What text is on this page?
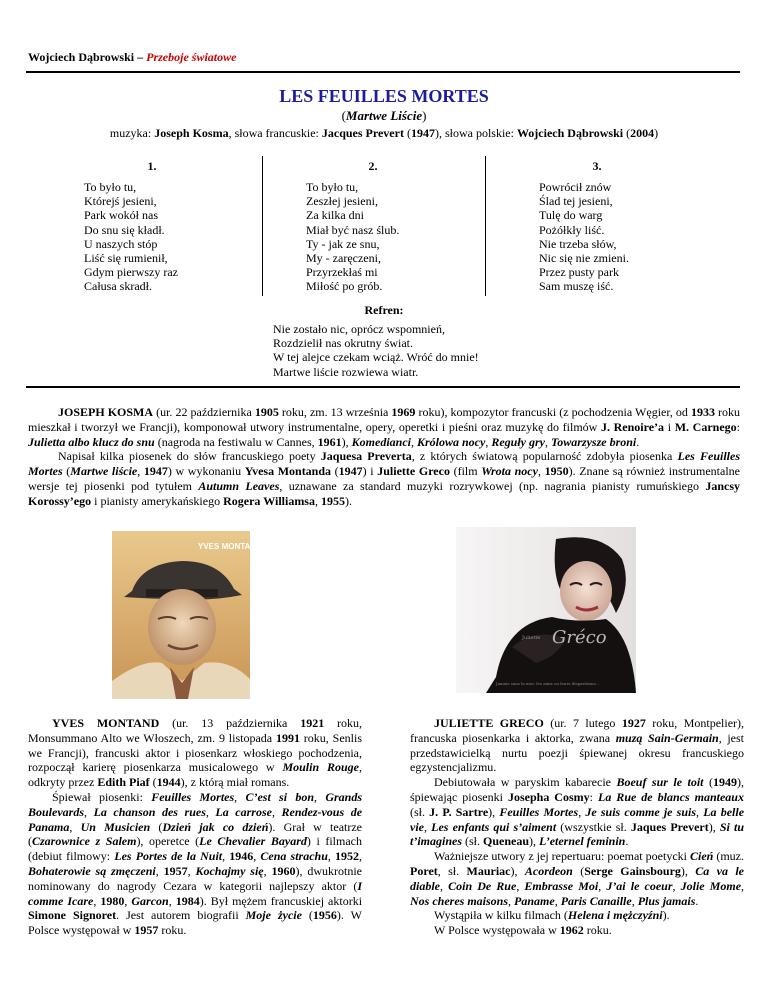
Wojciech Dąbrowski – Przeboje światowe
LES FEUILLES MORTES
(Martwe Liście)
muzyka: Joseph Kosma, słowa francuskie: Jacques Prevert (1947), słowa polskie: Wojciech Dąbrowski (2004)
1.	2.	3.
To było tu,
Którejś jesieni,
Park wokół nas
Do snu się kładł.
U naszych stóp
Liść się rumienił,
Gdym pierwszy raz
Całusa skradł.
To było tu,
Zeszłej jesieni,
Za kilka dni
Miał być nasz ślub.
Ty - jak ze snu,
My - zaręczeni,
Przyrzekłaś mi
Miłość po grób.
Powrócił znów
Ślad tej jesieni,
Tulę do warg
Pożółkły liść.
Nie trzeba słów,
Nic się nie zmieni.
Przez pusty park
Sam muszę iść.
Refren:
Nie zostało nic, oprócz wspomnień,
Rozdzielił nas okrutny świat.
W tej alejce czekam wciąż. Wróć do mnie!
Martwe liście rozwiewa wiatr.

JOSEPH KOSMA (ur. 22 października 1905 roku, zm. 13 września 1969 roku), kompozytor francuski (z pochodzenia Węgier, od 1933 roku mieszkał i tworzył we Francji), komponował utwory instrumentalne, opery, operetki i pieśni oraz muzykę do filmów J. Renoire’a i M. Carnego: Julietta albo klucz do snu (nagroda na festiwalu w Cannes, 1961), Komedianci, Królowa nocy, Reguły gry, Towarzysze broni.

Napisał kilka piosenek do słów francuskiego poety Jaquesa Preverta, z których światową popularność zdobyła piosenka Les Feuilles Mortes (Martwe liście, 1947) w wykonaniu Yvesa Montanda (1947) i Juliette Greco (film Wrota nocy, 1950). Znane są również instrumentalne wersje tej piosenki pod tytułem Autumn Leaves, uznawane za standard muzyki rozrywkowej (np. nagrania pianisty rumuńskiego Jancsy Korossy’ego i pianisty amerykańskiego Rogera Williamsa, 1955).

YVES MONTAND
Gréco
Juliette
Jamais sans la mer, les amis ou leurs disparitions...

YVES MONTAND (ur. 13 października 1921 roku, Monsummano Alto we Włoszech, zm. 9 listopada 1991 roku, Senlis we Francji), francuski aktor i piosenkarz włoskiego pochodzenia, rozpoczął karierę piosenkarza musicalowego w Moulin Rouge, odkryty przez Edith Piaf (1944), z którą miał romans.

Śpiewał piosenki: Feuilles Mortes, C’est si bon, Grands Boulevards, La chanson des rues, La carrose, Rendez-vous de Panama, Un Musicien (Dzień jak co dzień). Grał w teatrze (Czarownice z Salem), operetce (Le Chevalier Bayard) i filmach (debiut filmowy: Les Portes de la Nuit, 1946, Cena strachu, 1952, Bohaterowie są zmęczeni, 1957, Kochajmy się, 1960), dwukrotnie nominowany do nagrody Cezara w kategorii najlepszy aktor (I comme Icare, 1980, Garcon, 1984). Był mężem francuskiej aktorki Simone Signoret. Jest autorem biografii Moje życie (1956). W Polsce występował w 1957 roku.

JULIETTE GRECO (ur. 7 lutego 1927 roku, Montpelier), francuska piosenkarka i aktorka, zwana muzą Sain-Germain, jest przedstawicielką nurtu poezji śpiewanej okresu francuskiego egzystencjalizmu.

Debiutowała w paryskim kabarecie Boeuf sur le toit (1949), śpiewając piosenki Josepha Cosmy: La Rue de blancs manteaux (sł. J. P. Sartre), Feuilles Mortes, Je suis comme je suis, La belle vie, Les enfants qui s’aiment (wszystkie sł. Jaques Prevert), Si tu t’imagines (sł. Queneau), L’eternel feminin.

Ważniejsze utwory z jej repertuaru: poemat poetycki Cień (muz. Poret, sł. Mauriac), Acordeon (Serge Gainsbourg), Ca va le diable, Coin De Rue, Embrasse Moi, J’ai le coeur, Jolie Mome, Nos cheres maisons, Paname, Paris Canaille, Plus jamais.

Wystąpiła w kilku filmach (Helena i mężczyźni).

W Polsce występowała w 1962 roku.
